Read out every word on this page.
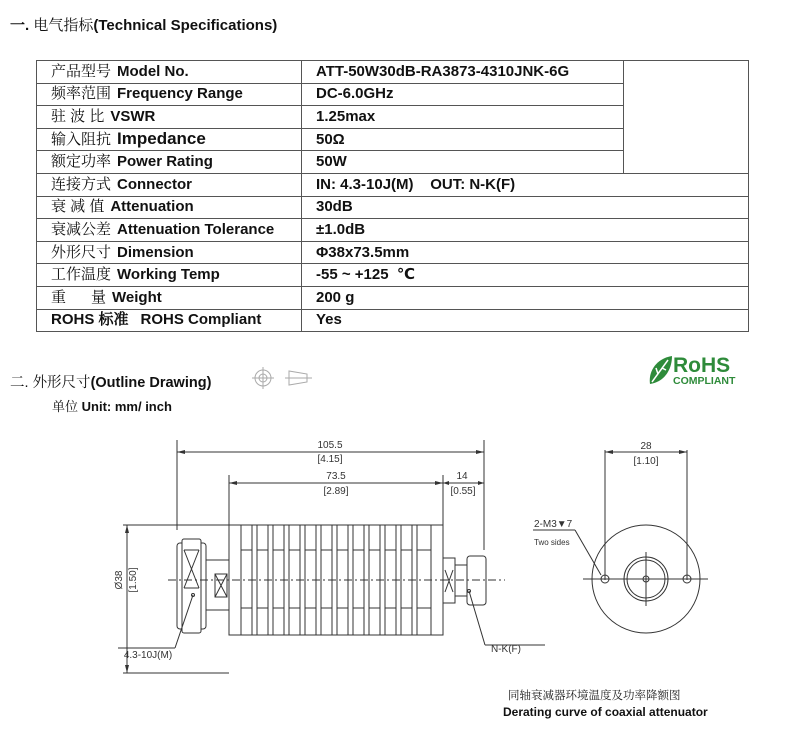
一. 电气指标(Technical Specifications)
产品型号 Model No.	ATT-50W30dB-RA3873-4310JNK-6G	
频率范围 Frequency Range	DC-6.0GHz	
驻 波 比 VSWR	1.25max	
输入阻抗 Impedance	50Ω	
额定功率 Power Rating	50W	
连接方式 Connector	IN: 4.3-10J(M)    OUT: N-K(F)	
衰 减 值 Attenuation	30dB	
衰减公差 Attenuation Tolerance	±1.0dB	
外形尺寸 Dimension	Φ38x73.5mm	
工作温度 Working Temp	-55 ~ +125  ℃	
重      量 Weight	200 g	
ROHS 标准 ROHS Compliant	Yes	
二. 外形尺寸(Outline Drawing)
单位 Unit: mm/ inch
RoHS
COMPLIANT
105.5
[4.15]
73.5
[2.89]
14
[0.55]
Ø38 [1.50]
4.3-10J(M)
N-K(F)
28
[1.10]
2-M3▼7
Two sides
同轴衰减器环境温度及功率降额图
Derating curve of coaxial attenuator
